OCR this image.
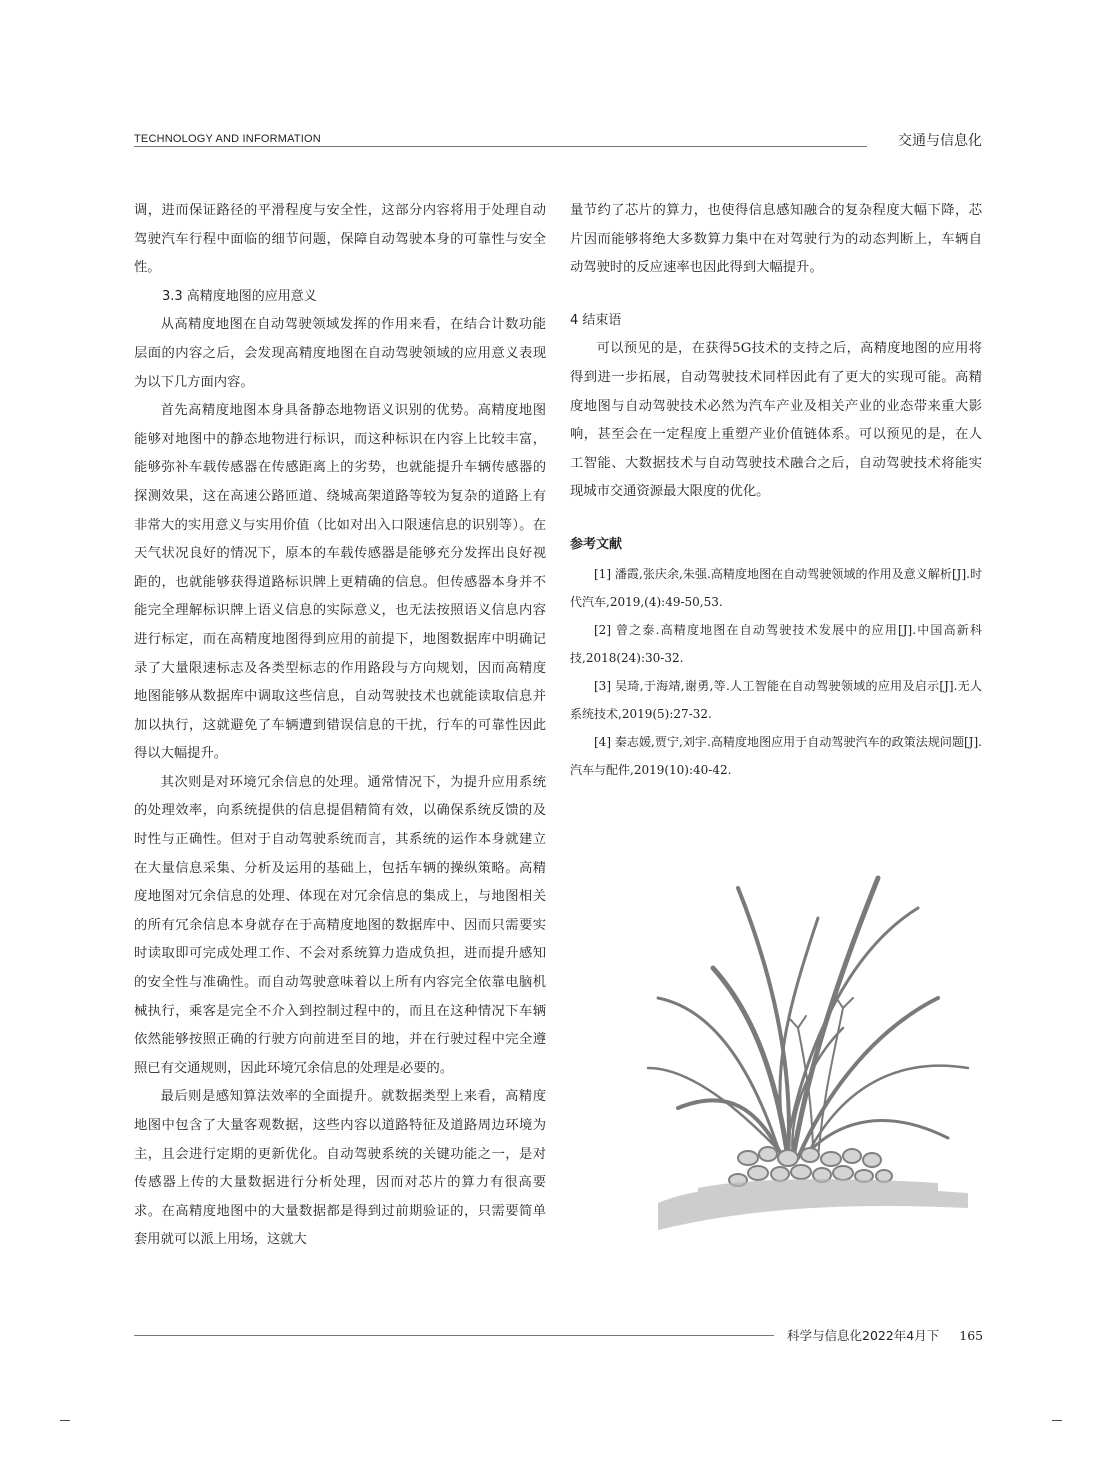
TECHNOLOGY AND INFORMATION	交通与信息化

调，进而保证路径的平滑程度与安全性，这部分内容将用于处理自动驾驶汽车行程中面临的细节问题，保障自动驾驶本身的可靠性与安全性。

3.3 高精度地图的应用意义

从高精度地图在自动驾驶领域发挥的作用来看，在结合计数功能层面的内容之后，会发现高精度地图在自动驾驶领域的应用意义表现为以下几方面内容。

首先高精度地图本身具备静态地物语义识别的优势。高精度地图能够对地图中的静态地物进行标识，而这种标识在内容上比较丰富，能够弥补车载传感器在传感距离上的劣势，也就能提升车辆传感器的探测效果，这在高速公路匝道、绕城高架道路等较为复杂的道路上有非常大的实用意义与实用价值（比如对出入口限速信息的识别等）。在天气状况良好的情况下，原本的车载传感器是能够充分发挥出良好视距的，也就能够获得道路标识牌上更精确的信息。但传感器本身并不能完全理解标识牌上语义信息的实际意义，也无法按照语义信息内容进行标定，而在高精度地图得到应用的前提下，地图数据库中明确记录了大量限速标志及各类型标志的作用路段与方向规划，因而高精度地图能够从数据库中调取这些信息，自动驾驶技术也就能读取信息并加以执行，这就避免了车辆遭到错误信息的干扰，行车的可靠性因此得以大幅提升。

其次则是对环境冗余信息的处理。通常情况下，为提升应用系统的处理效率，向系统提供的信息提倡精简有效，以确保系统反馈的及时性与正确性。但对于自动驾驶系统而言，其系统的运作本身就建立在大量信息采集、分析及运用的基础上，包括车辆的操纵策略。高精度地图对冗余信息的处理、体现在对冗余信息的集成上，与地图相关的所有冗余信息本身就存在于高精度地图的数据库中、因而只需要实时读取即可完成处理工作、不会对系统算力造成负担，进而提升感知的安全性与准确性。而自动驾驶意味着以上所有内容完全依靠电脑机械执行，乘客是完全不介入到控制过程中的，而且在这种情况下车辆依然能够按照正确的行驶方向前进至目的地，并在行驶过程中完全遵照已有交通规则，因此环境冗余信息的处理是必要的。

最后则是感知算法效率的全面提升。就数据类型上来看，高精度地图中包含了大量客观数据，这些内容以道路特征及道路周边环境为主，且会进行定期的更新优化。自动驾驶系统的关键功能之一，是对传感器上传的大量数据进行分析处理，因而对芯片的算力有很高要求。在高精度地图中的大量数据都是得到过前期验证的，只需要简单套用就可以派上用场，这就大

量节约了芯片的算力，也使得信息感知融合的复杂程度大幅下降，芯片因而能够将绝大多数算力集中在对驾驶行为的动态判断上，车辆自动驾驶时的反应速率也因此得到大幅提升。

4 结束语

可以预见的是，在获得5G技术的支持之后，高精度地图的应用将得到进一步拓展，自动驾驶技术同样因此有了更大的实现可能。高精度地图与自动驾驶技术必然为汽车产业及相关产业的业态带来重大影响，甚至会在一定程度上重塑产业价值链体系。可以预见的是，在人工智能、大数据技术与自动驾驶技术融合之后，自动驾驶技术将能实现城市交通资源最大限度的优化。

参考文献

[1] 潘霞,张庆余,朱强.高精度地图在自动驾驶领域的作用及意义解析[J].时代汽车,2019,(4):49-50,53.

[2] 曾之泰.高精度地图在自动驾驶技术发展中的应用[J].中国高新科技,2018(24):30-32.

[3] 吴琦,于海靖,谢勇,等.人工智能在自动驾驶领域的应用及启示[J].无人系统技术,2019(5):27-32.

[4] 秦志媛,贾宁,刘宇.高精度地图应用于自动驾驶汽车的政策法规问题[J].汽车与配件,2019(10):40-42.

科学与信息化2022年4月下 165
